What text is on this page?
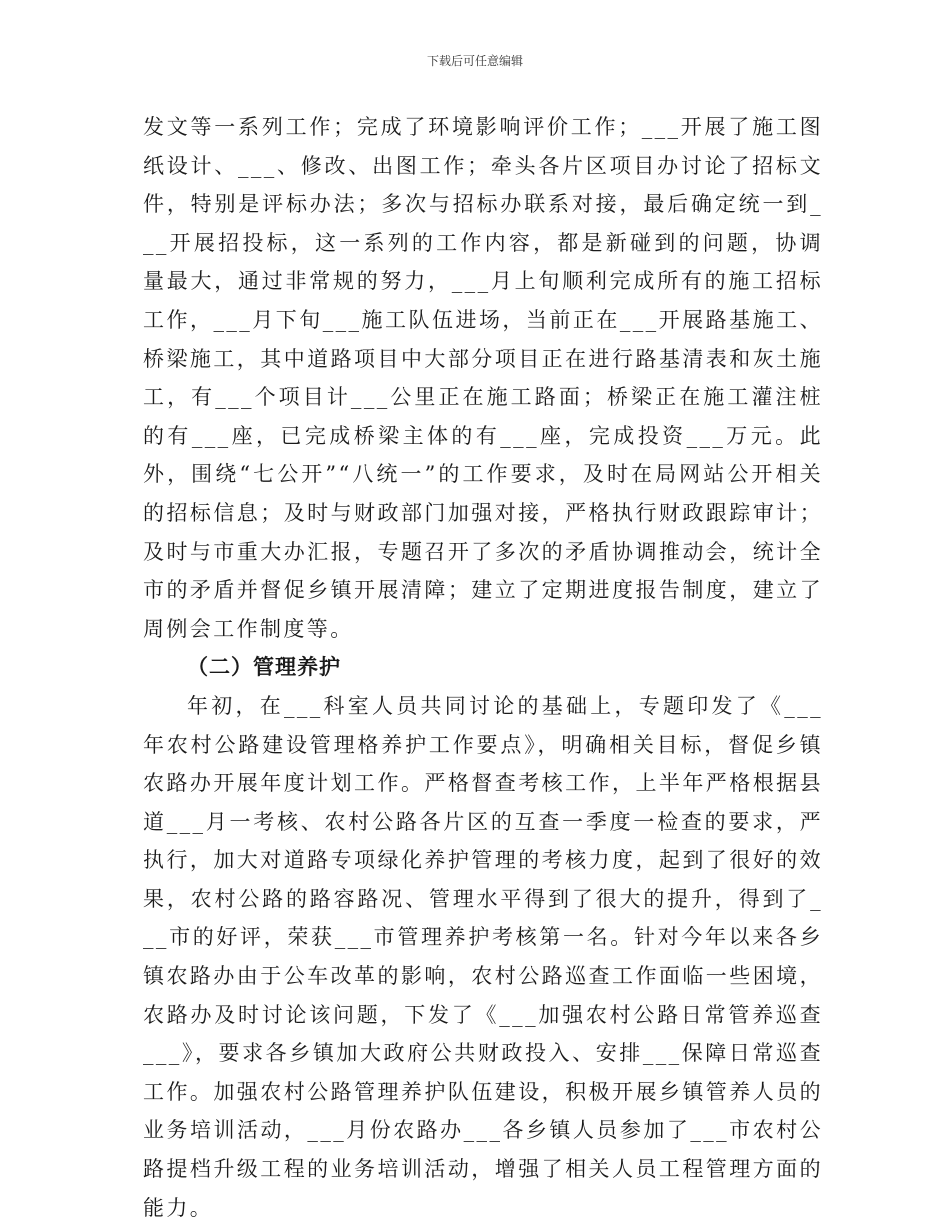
下载后可任意编辑

发文等一系列工作；完成了环境影响评价工作；___开展了施工图纸设计、___、修改、出图工作；牵头各片区项目办讨论了招标文件，特别是评标办法；多次与招标办联系对接，最后确定统一到___开展招投标，这一系列的工作内容，都是新碰到的问题，协调量最大，通过非常规的努力，___月上旬顺利完成所有的施工招标工作，___月下旬___施工队伍进场，当前正在___开展路基施工、桥梁施工，其中道路项目中大部分项目正在进行路基清表和灰土施工，有___个项目计___公里正在施工路面；桥梁正在施工灌注桩的有___座，已完成桥梁主体的有___座，完成投资___万元。此外，围绕“七公开”“八统一”的工作要求，及时在局网站公开相关的招标信息；及时与财政部门加强对接，严格执行财政跟踪审计；及时与市重大办汇报，专题召开了多次的矛盾协调推动会，统计全市的矛盾并督促乡镇开展清障；建立了定期进度报告制度，建立了周例会工作制度等。

（二）管理养护

年初，在___科室人员共同讨论的基础上，专题印发了《___年农村公路建设管理格养护工作要点》，明确相关目标，督促乡镇农路办开展年度计划工作。严格督查考核工作，上半年严格根据县道___月一考核、农村公路各片区的互查一季度一检查的要求，严执行，加大对道路专项绿化养护管理的考核力度，起到了很好的效果，农村公路的路容路况、管理水平得到了很大的提升，得到了___市的好评，荣获___市管理养护考核第一名。针对今年以来各乡镇农路办由于公车改革的影响，农村公路巡查工作面临一些困境，农路办及时讨论该问题，下发了《___加强农村公路日常管养巡查___》，要求各乡镇加大政府公共财政投入、安排___保障日常巡查工作。加强农村公路管理养护队伍建设，积极开展乡镇管养人员的业务培训活动，___月份农路办___各乡镇人员参加了___市农村公路提档升级工程的业务培训活动，增强了相关人员工程管理方面的能力。
